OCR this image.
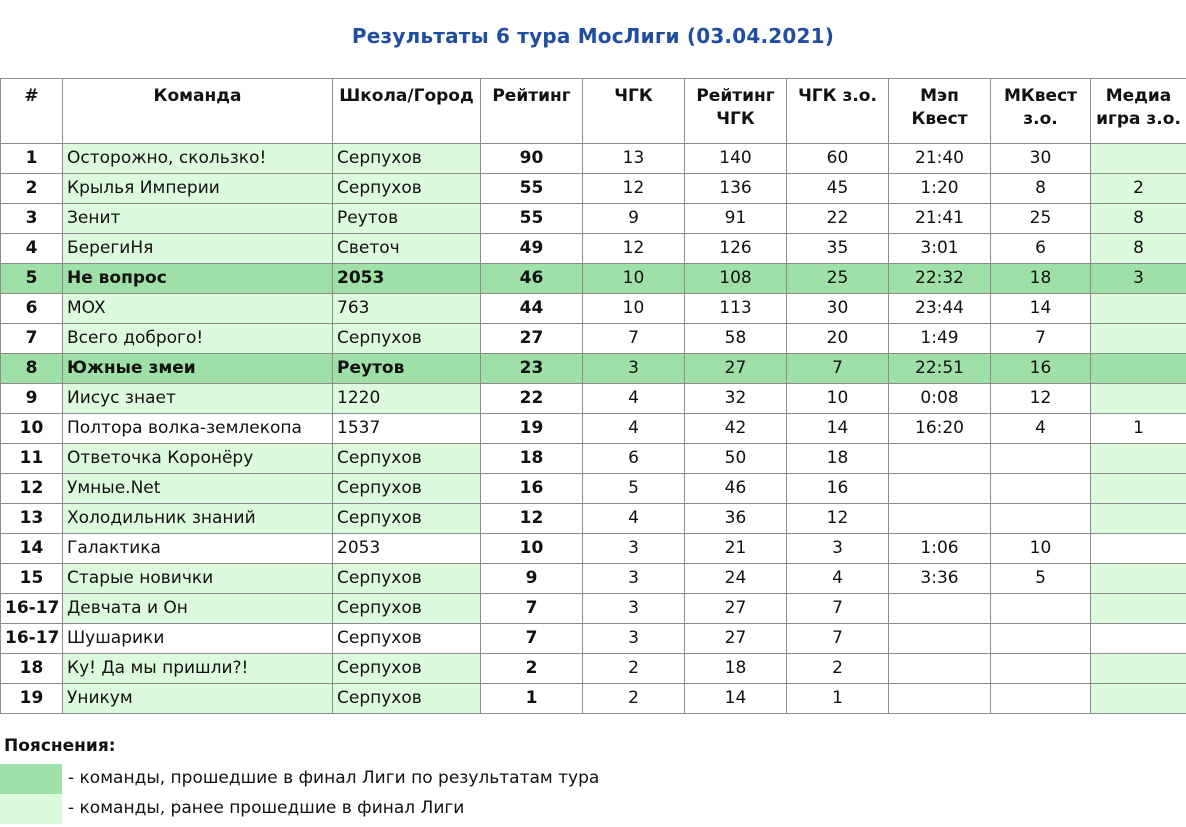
Результаты 6 тура МосЛиги (03.04.2021)
#	Команда	Школа/Город	Рейтинг	ЧГК	Рейтинг ЧГК	ЧГК з.о.	Мэп Квест	МКвест з.о.	Медиа игра з.о.
1	Осторожно, скользко!	Серпухов	90	13	140	60	21:40	30	
2	Крылья Империи	Серпухов	55	12	136	45	1:20	8	2
3	Зенит	Реутов	55	9	91	22	21:41	25	8
4	БерегиНя	Светоч	49	12	126	35	3:01	6	8
5	Не вопрос	2053	46	10	108	25	22:32	18	3
6	MOX	763	44	10	113	30	23:44	14	
7	Всего доброго!	Серпухов	27	7	58	20	1:49	7	
8	Южные змеи	Реутов	23	3	27	7	22:51	16	
9	Иисус знает	1220	22	4	32	10	0:08	12	
10	Полтора волка-землекопа	1537	19	4	42	14	16:20	4	1
11	Ответочка Коронёру	Серпухов	18	6	50	18			
12	Умные.Net	Серпухов	16	5	46	16			
13	Холодильник знаний	Серпухов	12	4	36	12			
14	Галактика	2053	10	3	21	3	1:06	10	
15	Старые новички	Серпухов	9	3	24	4	3:36	5	
16-17	Девчата и Он	Серпухов	7	3	27	7			
16-17	Шушарики	Серпухов	7	3	27	7			
18	Ку! Да мы пришли?!	Серпухов	2	2	18	2			
19	Уникум	Серпухов	1	2	14	1			
Пояснения:
- команды, прошедшие в финал Лиги по результатам тура
- команды, ранее прошедшие в финал Лиги
